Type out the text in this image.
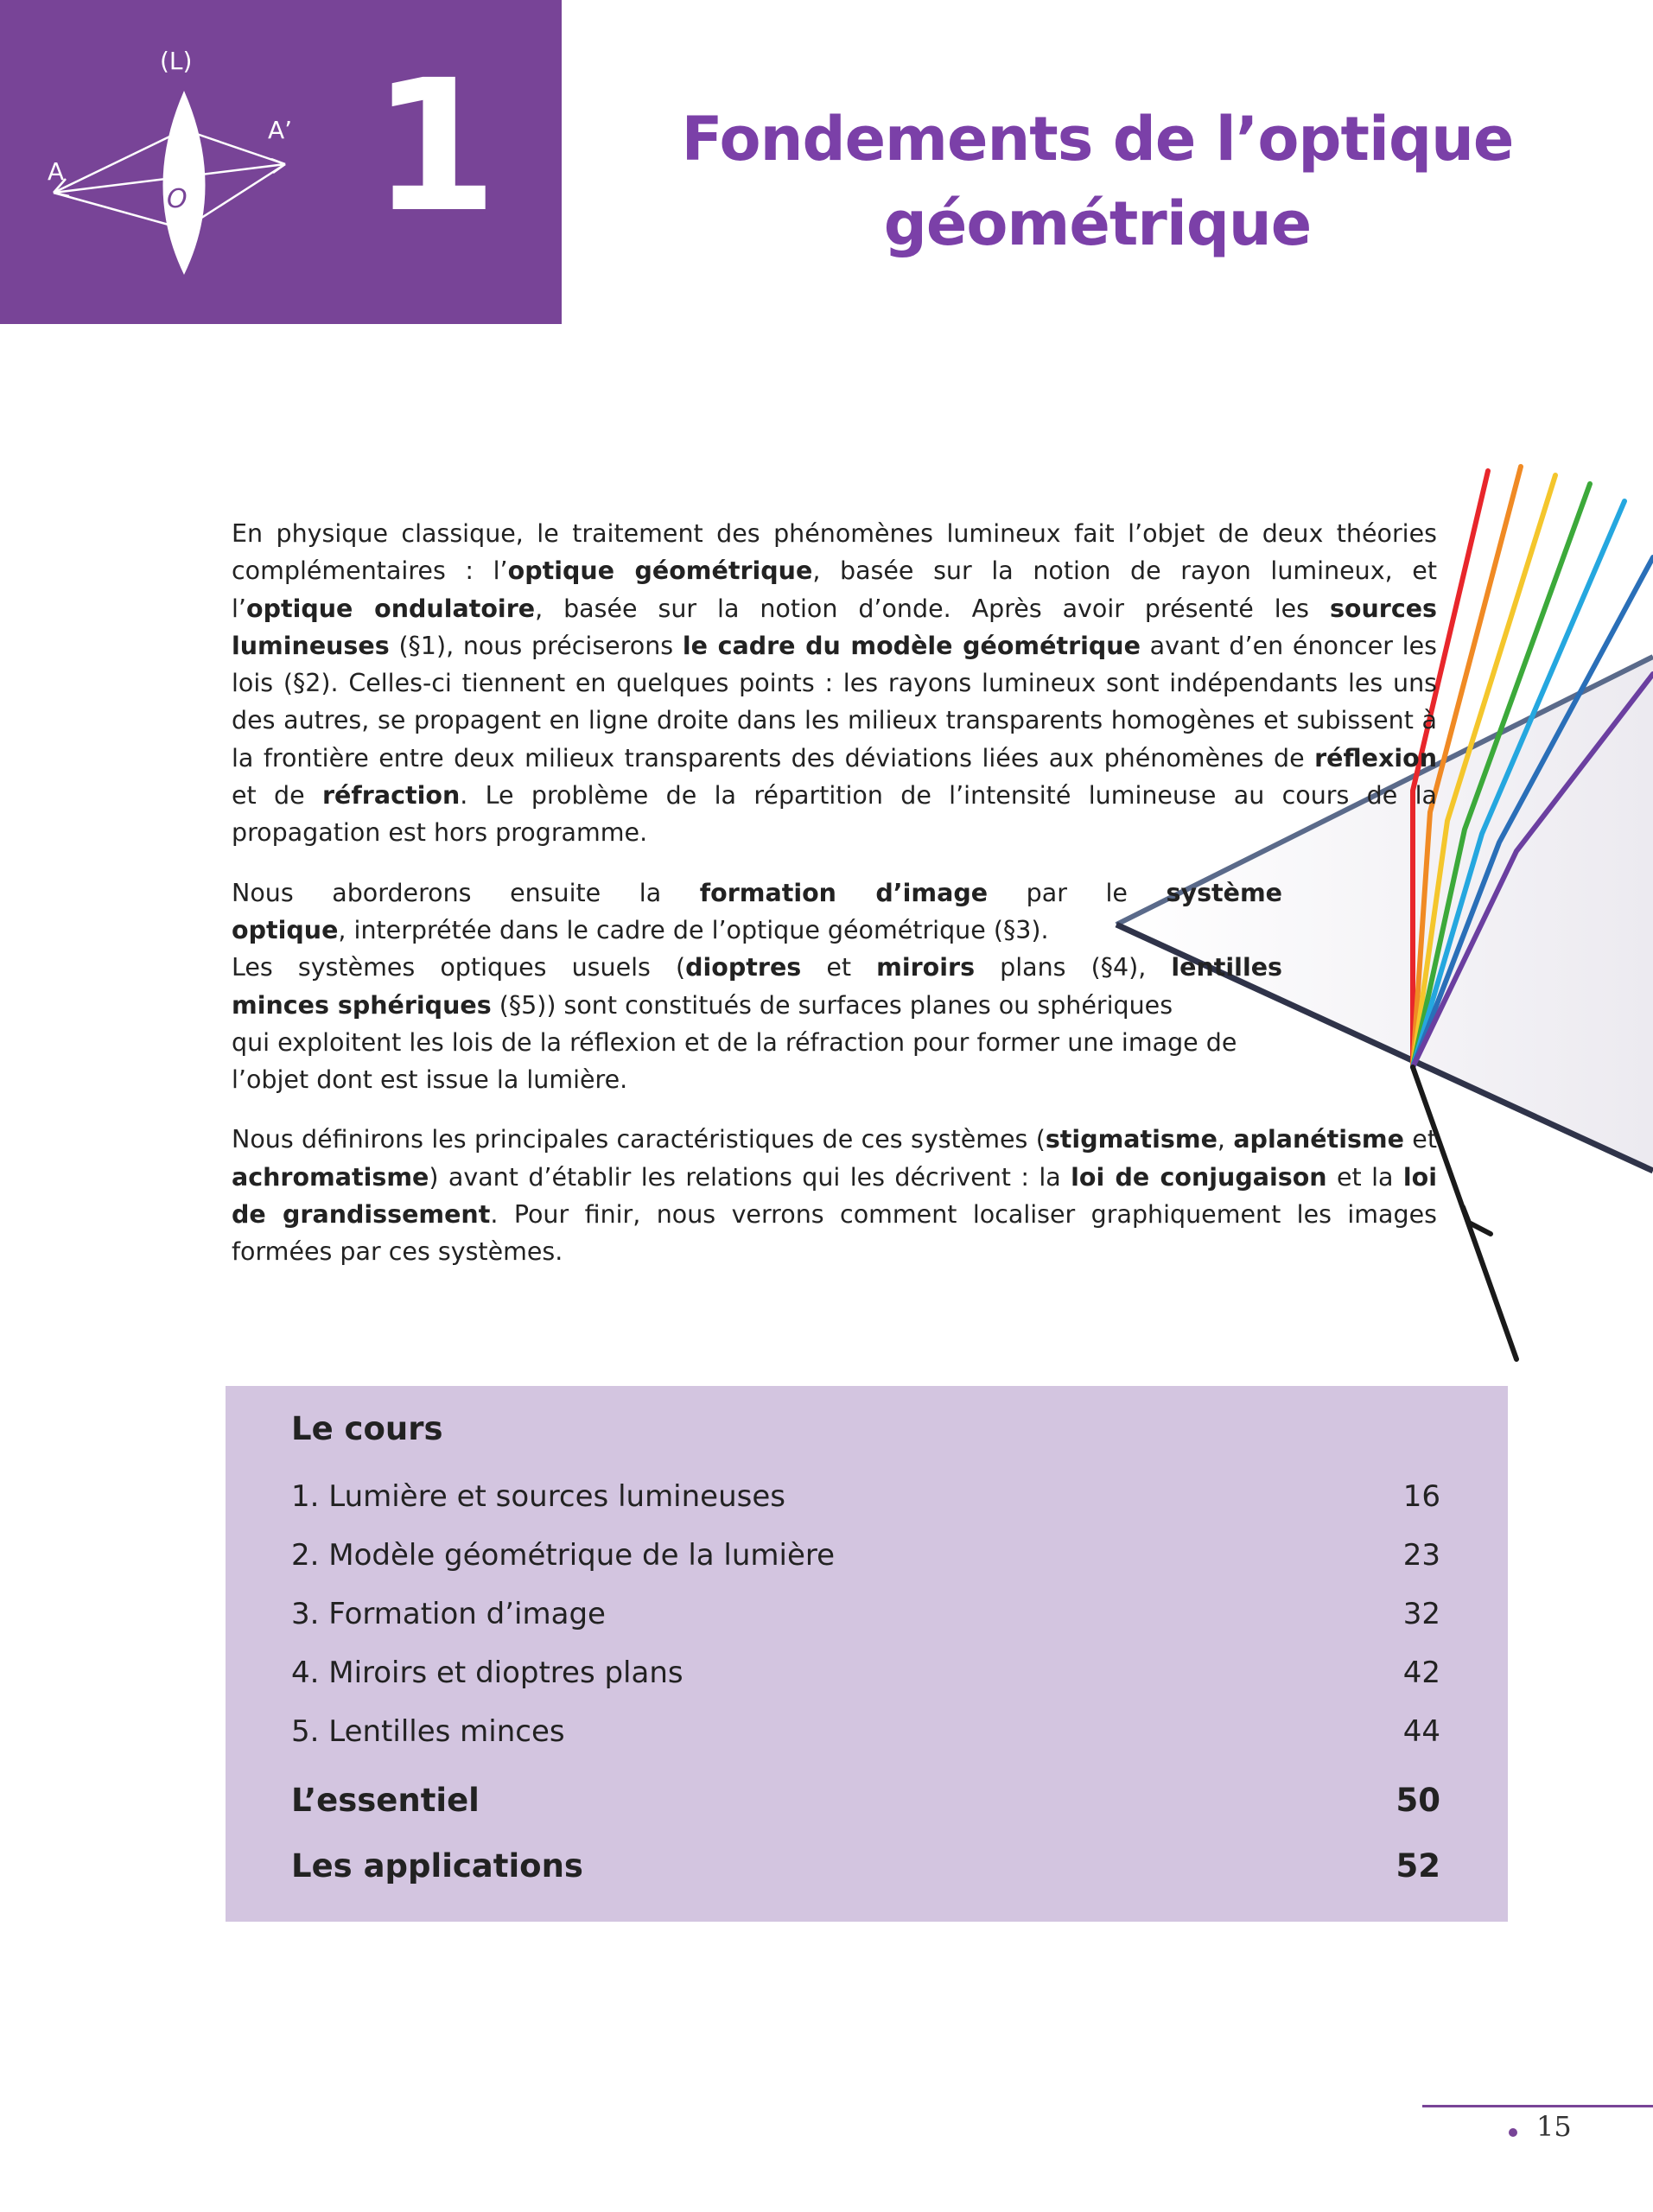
(L)
A
A’
O 1	Fondements de l’optique
géométrique

En physique classique, le traitement des phénomènes lumineux fait l’objet de deux théories complémentaires : l’optique géométrique, basée sur la notion de rayon lumineux, et l’optique ondulatoire, basée sur la notion d’onde. Après avoir présenté les sources lumineuses (§1), nous préciserons le cadre du modèle géométrique avant d’en énoncer les lois (§2). Celles-ci tiennent en quelques points : les rayons lumineux sont indépendants les uns des autres, se propagent en ligne droite dans les milieux transparents homogènes et subissent à la frontière entre deux milieux transparents des déviations liées aux phénomènes de réflexion et de réfraction. Le problème de la répartition de l’intensité lumineuse au cours de la propagation est hors programme.

Nous aborderons ensuite la formation d’image par le système
optique, interprétée dans le cadre de l’optique géométrique (§3).
Les systèmes optiques usuels (dioptres et miroirs plans (§4), lentilles
minces sphériques (§5)) sont constitués de surfaces planes ou sphériques
qui exploitent les lois de la réflexion et de la réfraction pour former une image de
l’objet dont est issue la lumière.

Nous définirons les principales caractéristiques de ces systèmes (stigmatisme, aplanétisme et achromatisme) avant d’établir les relations qui les décrivent : la loi de conjugaison et la loi de grandissement. Pour finir, nous verrons comment localiser graphiquement les images formées par ces systèmes.

Le cours
1. Lumière et sources lumineuses	16
2. Modèle géométrique de la lumière	23
3. Formation d’image	32
4. Miroirs et dioptres plans	42
5. Lentilles minces	44
L’essentiel	50
Les applications	52
15
